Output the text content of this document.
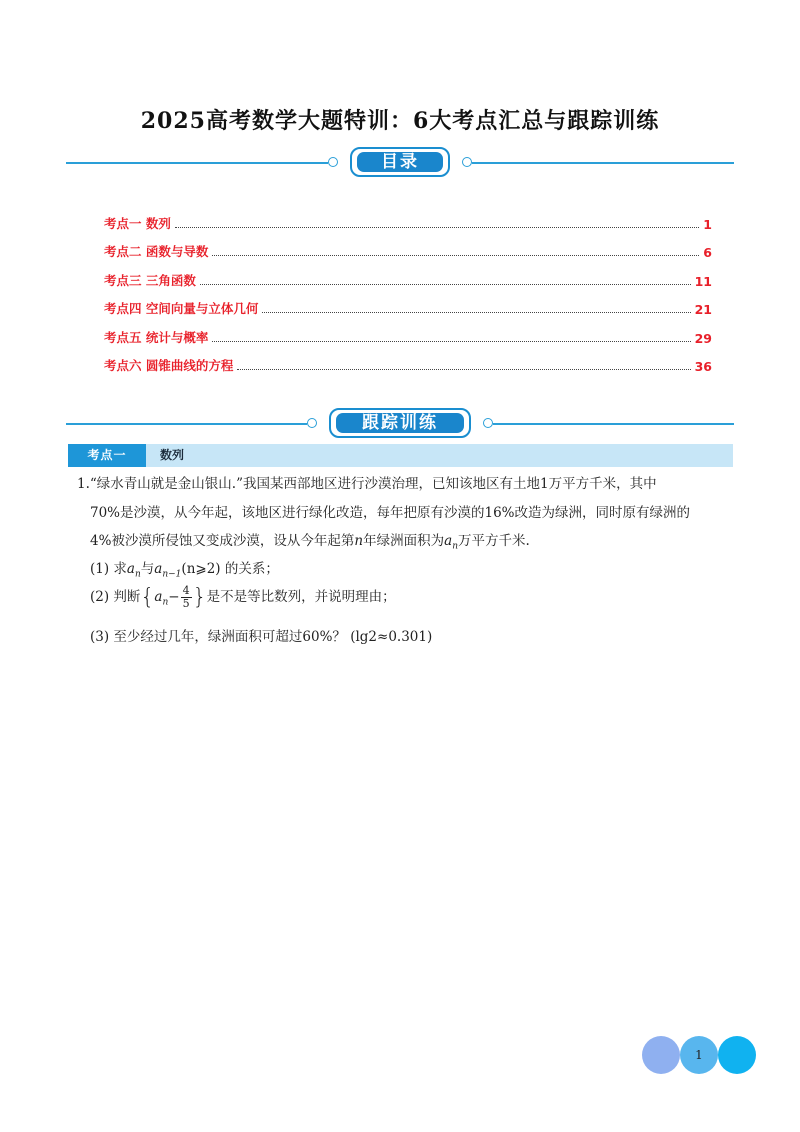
2025高考数学大题特训：6大考点汇总与跟踪训练
目录
考点一 数列	1
考点二 函数与导数	6
考点三 三角函数	11
考点四 空间向量与立体几何	21
考点五 统计与概率	29
考点六 圆锥曲线的方程	36
跟踪训练
考点一	数列
1.“绿水青山就是金山银山.”我国某西部地区进行沙漠治理，已知该地区有土地1万平方千米，其中
70%是沙漠，从今年起，该地区进行绿化改造，每年把原有沙漠的16%改造为绿洲，同时原有绿洲的
4%被沙漠所侵蚀又变成沙漠，设从今年起第n年绿洲面积为$a_n$万平方千米.
(1) 求$a_n$与$a_{n-1}(n⩾2)$ 的关系；
(2) 判断{$a_n- \frac{4}{5}$ }是不是等比数列，并说明理由；
(3) 至少经过几年，绿洲面积可超过60%？ (lg2≈0.301)
1
